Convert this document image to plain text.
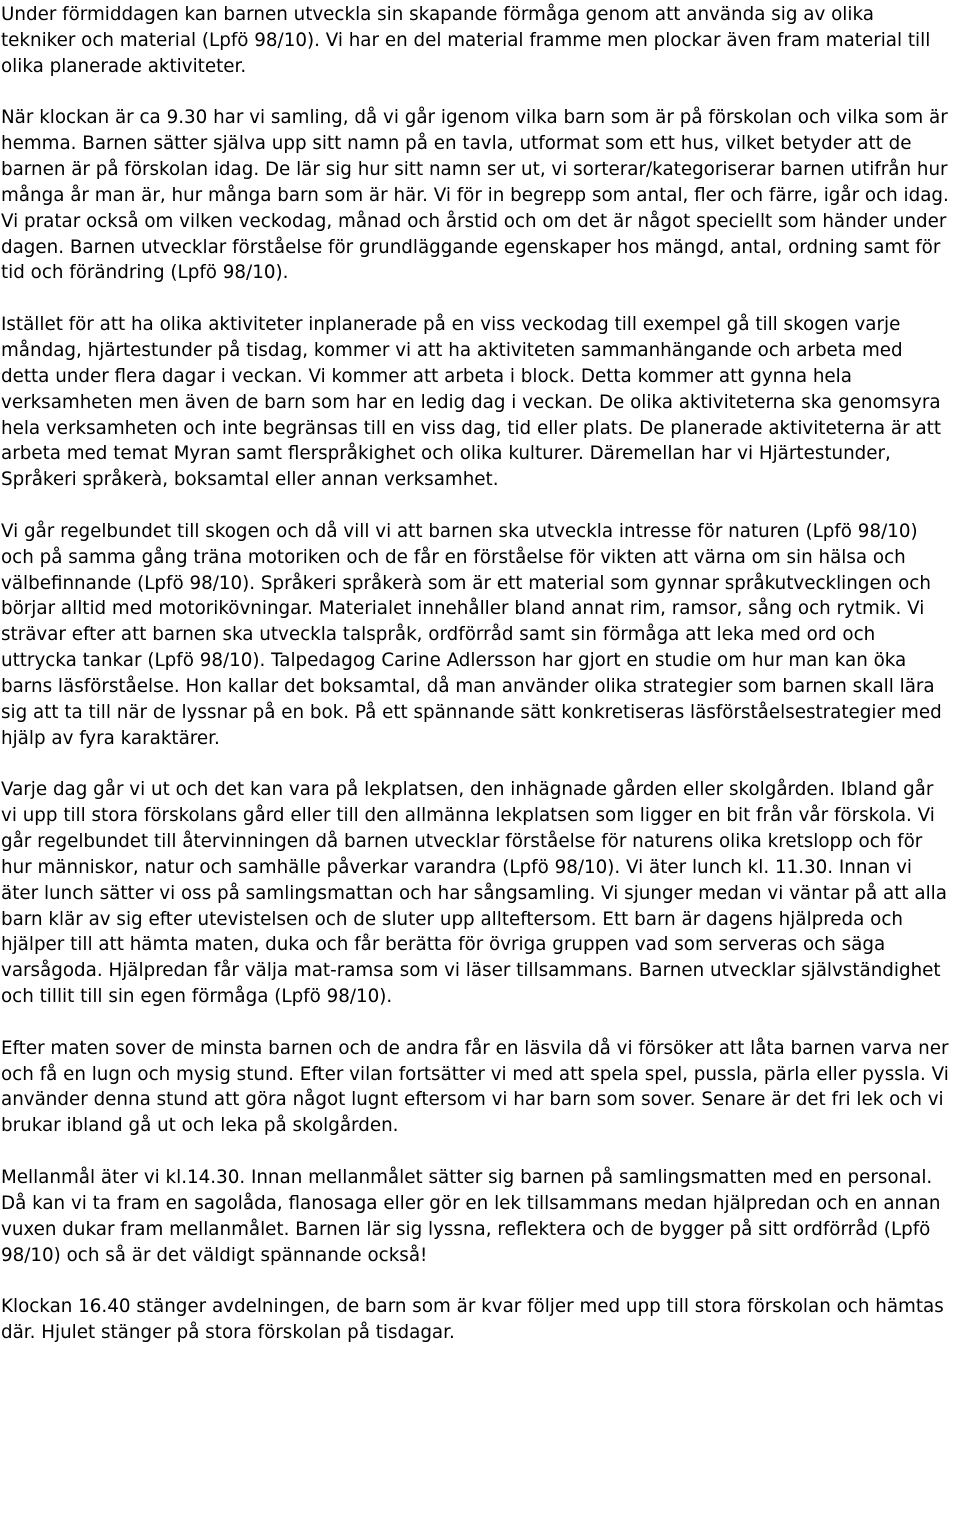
Under förmiddagen kan barnen utveckla sin skapande förmåga genom att använda sig av olika tekniker och material (Lpfö 98/10). Vi har en del material framme men plockar även fram material till olika planerade aktiviteter.

När klockan är ca 9.30 har vi samling, då vi går igenom vilka barn som är på förskolan och vilka som är hemma. Barnen sätter själva upp sitt namn på en tavla, utformat som ett hus, vilket betyder att de barnen är på förskolan idag. De lär sig hur sitt namn ser ut, vi sorterar/kategoriserar barnen utifrån hur många år man är, hur många barn som är här. Vi för in begrepp som antal, fler och färre, igår och idag. Vi pratar också om vilken veckodag, månad och årstid och om det är något speciellt som händer under dagen. Barnen utvecklar förståelse för grundläggande egenskaper hos mängd, antal, ordning samt för tid och förändring (Lpfö 98/10).

Istället för att ha olika aktiviteter inplanerade på en viss veckodag till exempel gå till skogen varje måndag, hjärtestunder på tisdag, kommer vi att ha aktiviteten sammanhängande och arbeta med detta under flera dagar i veckan. Vi kommer att arbeta i block. Detta kommer att gynna hela verksamheten men även de barn som har en ledig dag i veckan. De olika aktiviteterna ska genomsyra hela verksamheten och inte begränsas till en viss dag, tid eller plats. De planerade aktiviteterna är att arbeta med temat Myran samt flerspråkighet och olika kulturer. Däremellan har vi Hjärtestunder, Språkeri språkerà, boksamtal eller annan verksamhet.

Vi går regelbundet till skogen och då vill vi att barnen ska utveckla intresse för naturen (Lpfö 98/10) och på samma gång träna motoriken och de får en förståelse för vikten att värna om sin hälsa och välbefinnande (Lpfö 98/10). Språkeri språkerà som är ett material som gynnar språkutvecklingen och börjar alltid med motorikövningar. Materialet innehåller bland annat rim, ramsor, sång och rytmik. Vi strävar efter att barnen ska utveckla talspråk, ordförråd samt sin förmåga att leka med ord och uttrycka tankar (Lpfö 98/10). Talpedagog Carine Adlersson har gjort en studie om hur man kan öka barns läsförståelse. Hon kallar det boksamtal, då man använder olika strategier som barnen skall lära sig att ta till när de lyssnar på en bok. På ett spännande sätt konkretiseras läsförståelsestrategier med hjälp av fyra karaktärer.

Varje dag går vi ut och det kan vara på lekplatsen, den inhägnade gården eller skolgården. Ibland går vi upp till stora förskolans gård eller till den allmänna lekplatsen som ligger en bit från vår förskola. Vi går regelbundet till återvinningen då barnen utvecklar förståelse för naturens olika kretslopp och för hur människor, natur och samhälle påverkar varandra (Lpfö 98/10). Vi äter lunch kl. 11.30. Innan vi äter lunch sätter vi oss på samlingsmattan och har sångsamling. Vi sjunger medan vi väntar på att alla barn klär av sig efter utevistelsen och de sluter upp allteftersom. Ett barn är dagens hjälpreda och hjälper till att hämta maten, duka och får berätta för övriga gruppen vad som serveras och säga varsågoda. Hjälpredan får välja mat-ramsa som vi läser tillsammans. Barnen utvecklar självständighet och tillit till sin egen förmåga (Lpfö 98/10).

Efter maten sover de minsta barnen och de andra får en läsvila då vi försöker att låta barnen varva ner och få en lugn och mysig stund. Efter vilan fortsätter vi med att spela spel, pussla, pärla eller pyssla. Vi använder denna stund att göra något lugnt eftersom vi har barn som sover. Senare är det fri lek och vi brukar ibland gå ut och leka på skolgården.

Mellanmål äter vi kl.14.30. Innan mellanmålet sätter sig barnen på samlingsmatten med en personal. Då kan vi ta fram en sagolåda, flanosaga eller gör en lek tillsammans medan hjälpredan och en annan vuxen dukar fram mellanmålet. Barnen lär sig lyssna, reflektera och de bygger på sitt ordförråd (Lpfö 98/10) och så är det väldigt spännande också!

Klockan 16.40 stänger avdelningen, de barn som är kvar följer med upp till stora förskolan och hämtas där. Hjulet stänger på stora förskolan på tisdagar.
